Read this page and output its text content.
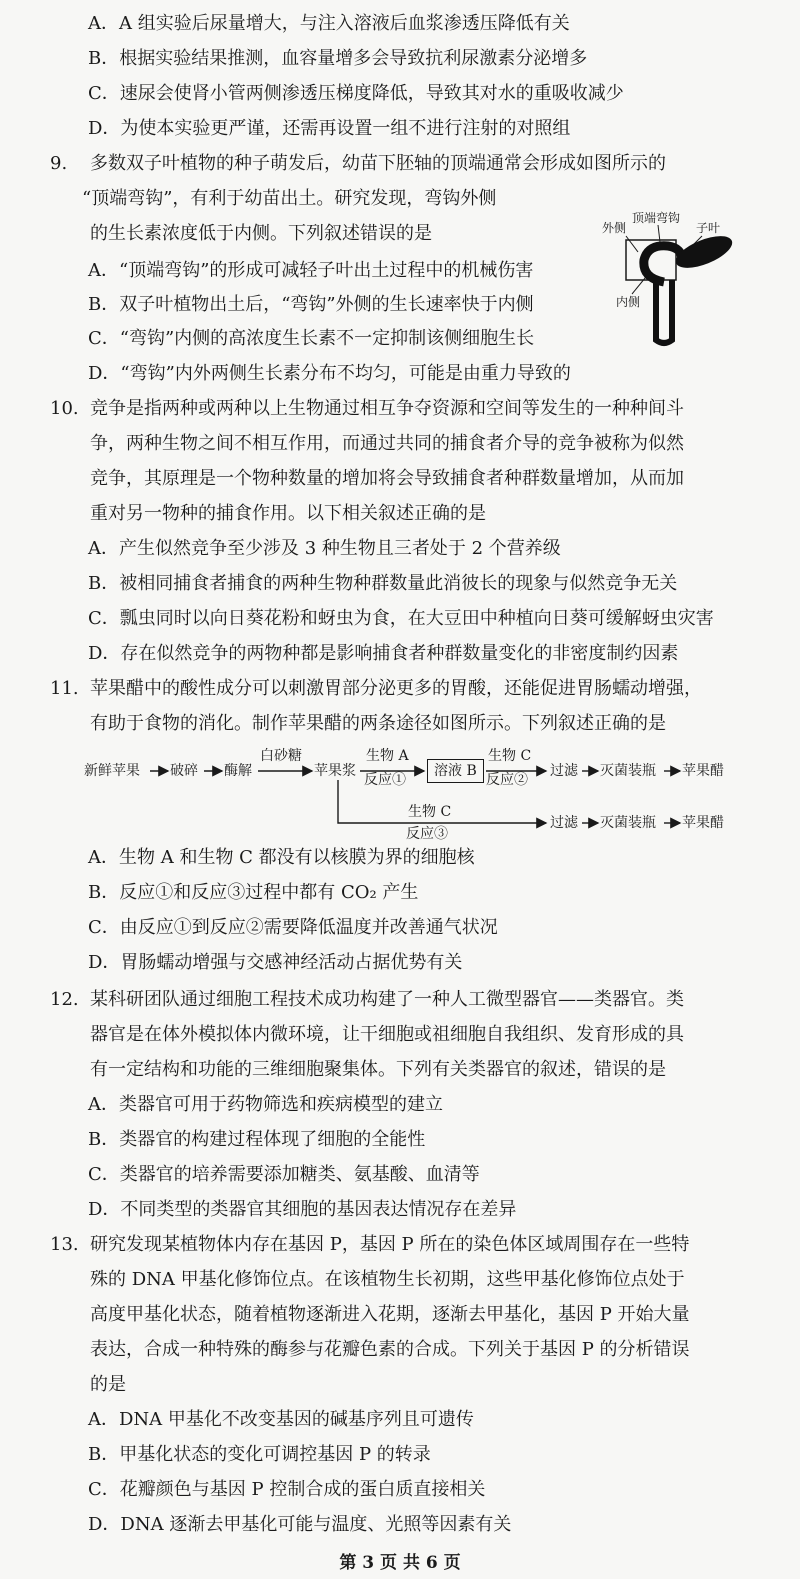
A．A 组实验后尿量增大，与注入溶液后血浆渗透压降低有关
B．根据实验结果推测，血容量增多会导致抗利尿激素分泌增多
C．速尿会使肾小管两侧渗透压梯度降低，导致其对水的重吸收减少
D．为使本实验更严谨，还需再设置一组不进行注射的对照组
9. 多数双子叶植物的种子萌发后，幼苗下胚轴的顶端通常会形成如图所示的
“顶端弯钩”，有利于幼苗出土。研究发现，弯钩外侧
的生长素浓度低于内侧。下列叙述错误的是
A．“顶端弯钩”的形成可减轻子叶出土过程中的机械伤害
B．双子叶植物出土后，“弯钩”外侧的生长速率快于内侧
C．“弯钩”内侧的高浓度生长素不一定抑制该侧细胞生长
D．“弯钩”内外两侧生长素分布不均匀，可能是由重力导致的
外侧
顶端弯钩
子叶
内侧
10. 竞争是指两种或两种以上生物通过相互争夺资源和空间等发生的一种种间斗
争，两种生物之间不相互作用，而通过共同的捕食者介导的竞争被称为似然
竞争，其原理是一个物种数量的增加将会导致捕食者种群数量增加，从而加
重对另一物种的捕食作用。以下相关叙述正确的是
A．产生似然竞争至少涉及 3 种生物且三者处于 2 个营养级
B．被相同捕食者捕食的两种生物种群数量此消彼长的现象与似然竞争无关
C．瓢虫同时以向日葵花粉和蚜虫为食，在大豆田中种植向日葵可缓解蚜虫灾害
D．存在似然竞争的两物种都是影响捕食者种群数量变化的非密度制约因素
11. 苹果醋中的酸性成分可以刺激胃部分泌更多的胃酸，还能促进胃肠蠕动增强，
有助于食物的消化。制作苹果醋的两条途径如图所示。下列叙述正确的是
新鲜苹果 破碎 酶解
白砂糖
苹果浆
生物 A
反应①
溶液 B
生物 C
反应②
过滤 灭菌装瓶 苹果醋
生物 C
反应③
过滤 灭菌装瓶 苹果醋
A．生物 A 和生物 C 都没有以核膜为界的细胞核
B．反应①和反应③过程中都有 CO₂ 产生
C．由反应①到反应②需要降低温度并改善通气状况
D．胃肠蠕动增强与交感神经活动占据优势有关
12. 某科研团队通过细胞工程技术成功构建了一种人工微型器官——类器官。类
器官是在体外模拟体内微环境，让干细胞或祖细胞自我组织、发育形成的具
有一定结构和功能的三维细胞聚集体。下列有关类器官的叙述，错误的是
A．类器官可用于药物筛选和疾病模型的建立
B．类器官的构建过程体现了细胞的全能性
C．类器官的培养需要添加糖类、氨基酸、血清等
D．不同类型的类器官其细胞的基因表达情况存在差异
13. 研究发现某植物体内存在基因 P，基因 P 所在的染色体区域周围存在一些特
殊的 DNA 甲基化修饰位点。在该植物生长初期，这些甲基化修饰位点处于
高度甲基化状态，随着植物逐渐进入花期，逐渐去甲基化，基因 P 开始大量
表达，合成一种特殊的酶参与花瓣色素的合成。下列关于基因 P 的分析错误
的是
A．DNA 甲基化不改变基因的碱基序列且可遗传
B．甲基化状态的变化可调控基因 P 的转录
C．花瓣颜色与基因 P 控制合成的蛋白质直接相关
D．DNA 逐渐去甲基化可能与温度、光照等因素有关
第 3 页 共 6 页
